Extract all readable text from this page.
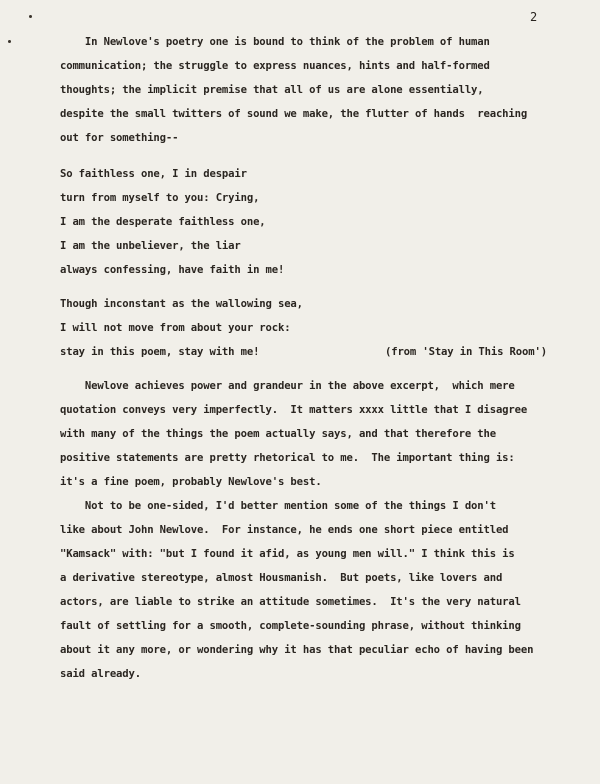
2
In Newlove's poetry one is bound to think of the problem of human
communication; the struggle to express nuances, hints and half-formed
thoughts; the implicit premise that all of us are alone essentially,
despite the small twitters of sound we make, the flutter of hands  reaching
out for something--
So faithless one, I in despair
turn from myself to you: Crying,
I am the desperate faithless one,
I am the unbeliever, the liar
always confessing, have faith in me!
Though inconstant as the wallowing sea,
I will not move from about your rock:
stay in this poem, stay with me!	(from 'Stay in This Room')
Newlove achieves power and grandeur in the above excerpt,  which mere
quotation conveys very imperfectly.  It matters xxxx little that I disagree
with many of the things the poem actually says, and that therefore the
positive statements are pretty rhetorical to me.  The important thing is:
it's a fine poem, probably Newlove's best.
Not to be one-sided, I'd better mention some of the things I don't
like about John Newlove.  For instance, he ends one short piece entitled
"Kamsack" with: "but I found it afid, as young men will." I think this is
a derivative stereotype, almost Housmanish.  But poets, like lovers and
actors, are liable to strike an attitude sometimes.  It's the very natural
fault of settling for a smooth, complete-sounding phrase, without thinking
about it any more, or wondering why it has that peculiar echo of having been
said already.
